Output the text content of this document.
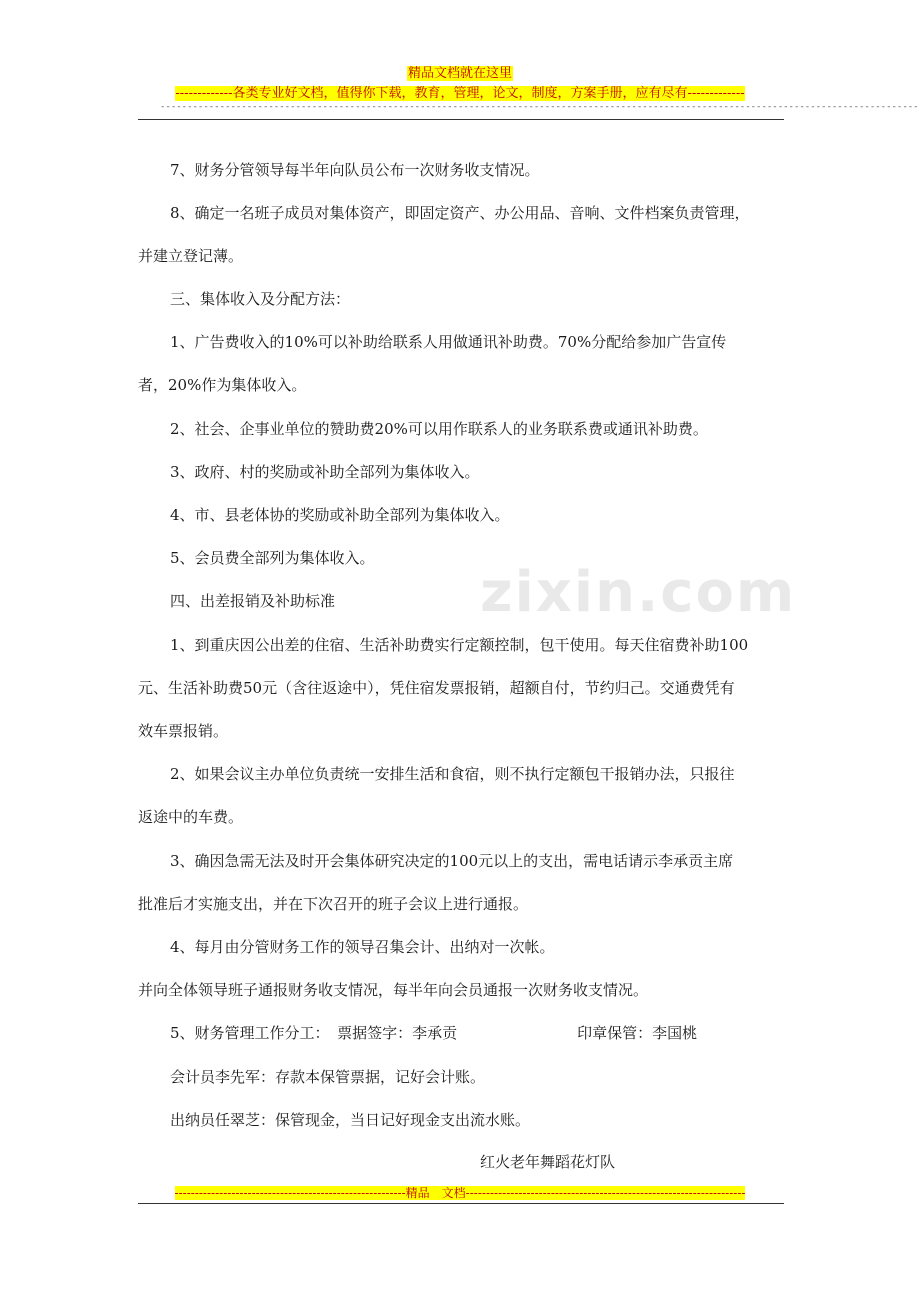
精品文档就在这里
-------------各类专业好文档，值得你下载，教育，管理，论文，制度，方案手册，应有尽有-------------
--------------------------------------------------------------------------------------------------------------------------------------------
zixin.com
7、财务分管领导每半年向队员公布一次财务收支情况。
8、确定一名班子成员对集体资产，即固定资产、办公用品、音响、文件档案负责管理，
并建立登记薄。
三、集体收入及分配方法：
1、广告费收入的10%可以补助给联系人用做通讯补助费。70%分配给参加广告宣传
者，20%作为集体收入。
2、社会、企事业单位的赞助费20%可以用作联系人的业务联系费或通讯补助费。
3、政府、村的奖励或补助全部列为集体收入。
4、市、县老体协的奖励或补助全部列为集体收入。
5、会员费全部列为集体收入。
四、出差报销及补助标准
1、到重庆因公出差的住宿、生活补助费实行定额控制，包干使用。每天住宿费补助100
元、生活补助费50元（含往返途中），凭住宿发票报销，超额自付，节约归己。交通费凭有
效车票报销。
2、如果会议主办单位负责统一安排生活和食宿，则不执行定额包干报销办法，只报往
返途中的车费。
3、确因急需无法及时开会集体研究决定的100元以上的支出，需电话请示李承贡主席
批准后才实施支出，并在下次召开的班子会议上进行通报。
4、每月由分管财务工作的领导召集会计、出纳对一次帐。
并向全体领导班子通报财务收支情况，每半年向会员通报一次财务收支情况。
5、财务管理工作分工：　 票据签字：李承贡	印章保管：李国桃
会计员李先军：存款本保管票据，记好会计账。
出纳员任翠芝：保管现金，当日记好现金支出流水账。
红火老年舞蹈花灯队
---------------------------------------------------------精品　文档---------------------------------------------------------------------
